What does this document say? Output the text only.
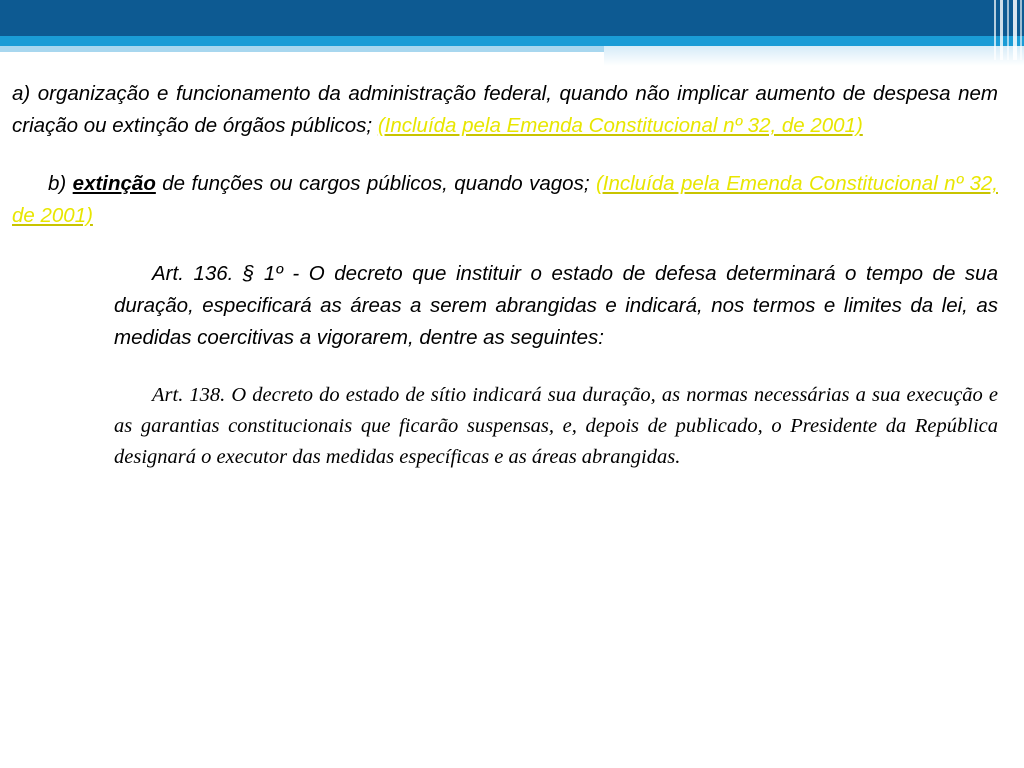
a) organização e funcionamento da administração federal, quando não implicar aumento de despesa nem criação ou extinção de órgãos públicos; (Incluída pela Emenda Constitucional nº 32, de 2001)

b) extinção de funções ou cargos públicos, quando vagos; (Incluída pela Emenda Constitucional nº 32, de 2001)

Art. 136. § 1º - O decreto que instituir o estado de defesa determinará o tempo de sua duração, especificará as áreas a serem abrangidas e indicará, nos termos e limites da lei, as medidas coercitivas a vigorarem, dentre as seguintes:

Art. 138. O decreto do estado de sítio indicará sua duração, as normas necessárias a sua execução e as garantias constitucionais que ficarão suspensas, e, depois de publicado, o Presidente da República designará o executor das medidas específicas e as áreas abrangidas.
